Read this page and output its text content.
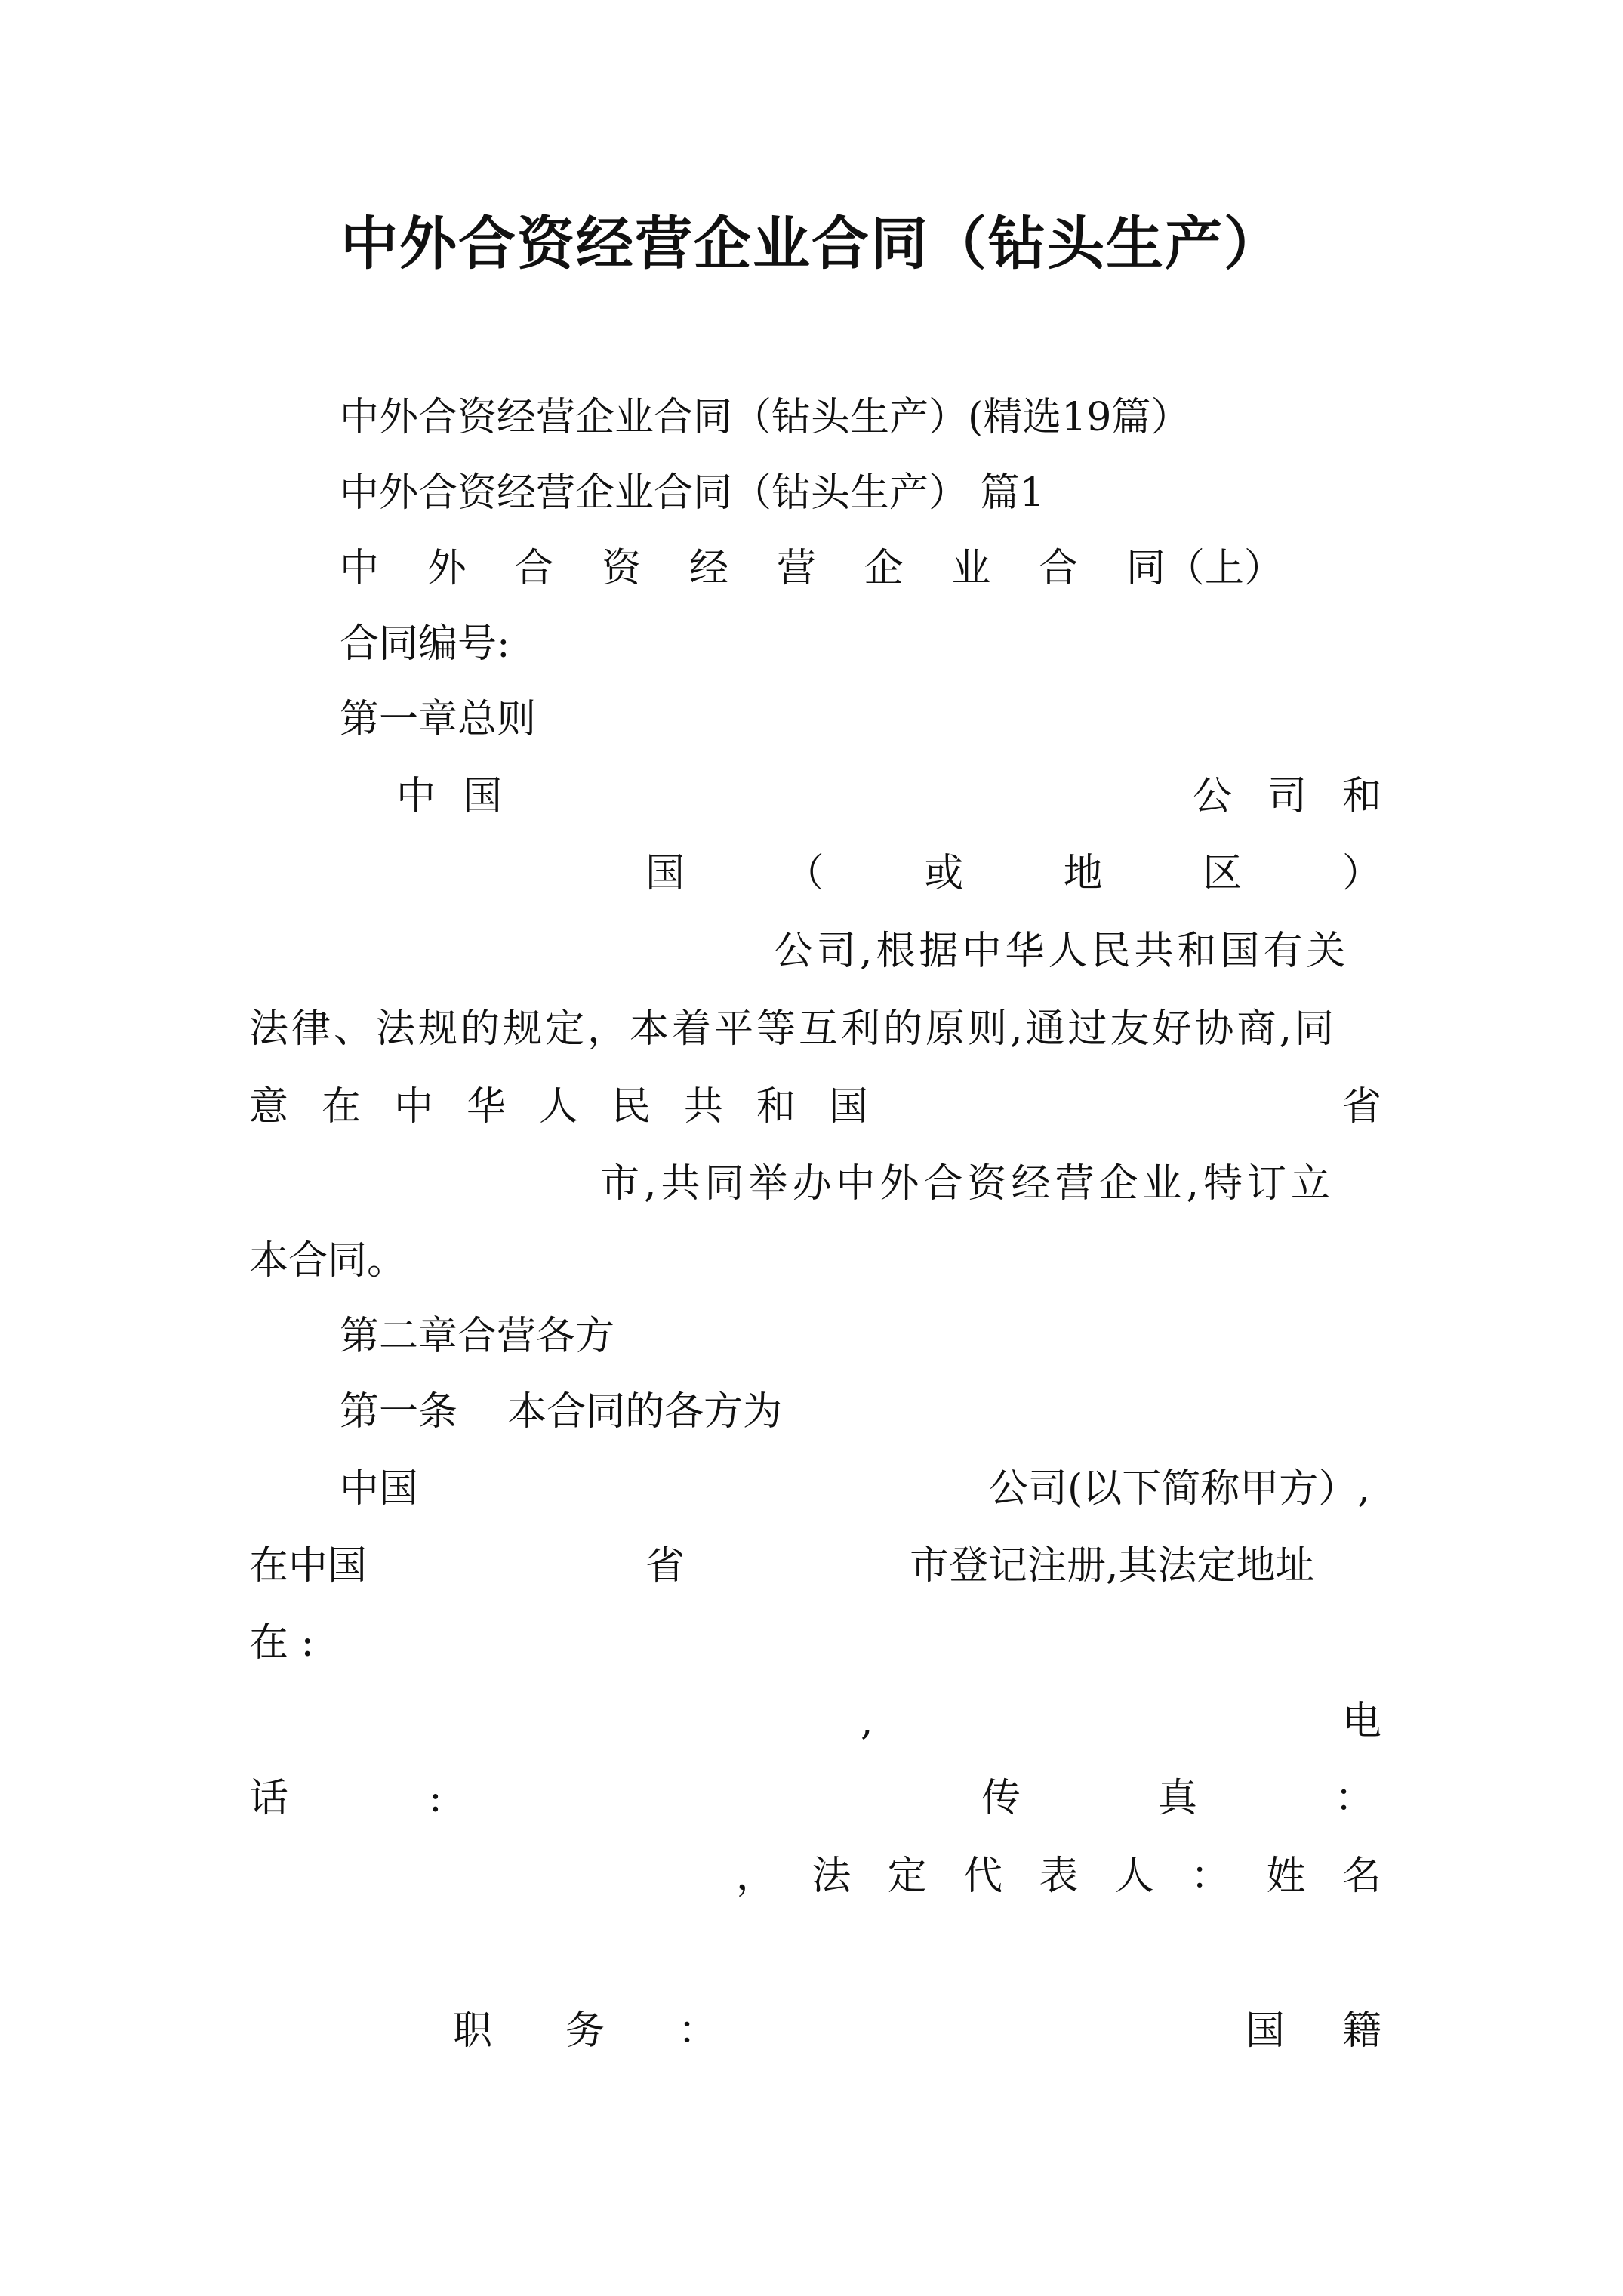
中外合资经营企业合同（钻头生产）
中外合资经营企业合同（钻头生产）(精选19篇）
中外合资经营企业合同（钻头生产） 篇1
中 外 合 资 经 营 企 业 合 同（上）
合同编号:
第一章总则
中 国	公 司 和
国	（	或	地	区	）
公司,根据中华人民共和国有关
法律、法规的规定，本着平等互利的原则,通过友好协商,同
意 在 中 华 人 民 共 和 国	省
市,共同举办中外合资经营企业,特订立
本合同。
第二章合营各方
第一条    本合同的各方为
中国	公司(以下简称甲方）,
在中国	省	市登记注册,其法定地址
在 :
,	电
话	:	传	真	：
， 法 定 代 表 人 ： 姓 名
职 务 ：	国 籍
